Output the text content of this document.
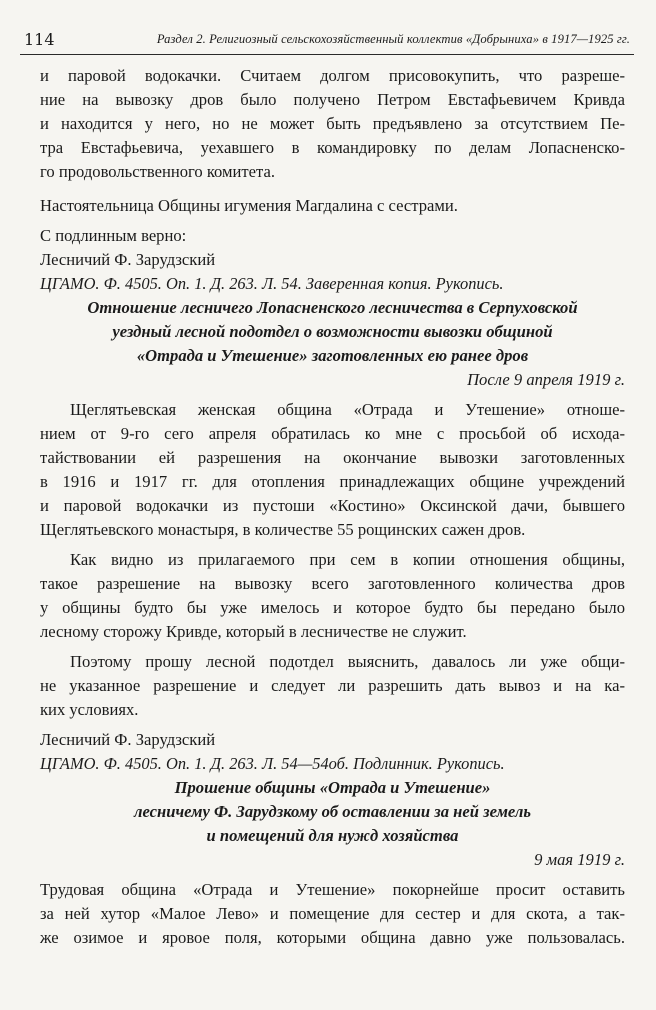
114	Раздел 2. Религиозный сельскохозяйственный коллектив «Добрыниха» в 1917—1925 гг.

и паровой водокачки. Считаем долгом присовокупить, что разреше-
ние на вывозку дров было получено Петром Евстафьевичем Кривда
и находится у него, но не может быть предъявлено за отсутствием Пе-
тра Евстафьевича, уехавшего в командировку по делам Лопасненско-
го продовольственного комитета.

Настоятельница Общины игумения Магдалина с сестрами.

С подлинным верно:

Лесничий Ф. Зарудзский

ЦГАМО. Ф. 4505. Оп. 1. Д. 263. Л. 54. Заверенная копия. Рукопись.

Отношение лесничего Лопасненского лесничества в Серпуховской
уездный лесной подотдел о возможности вывозки общиной
«Отрада и Утешение» заготовленных ею ранее дров

После 9 апреля 1919 г.

Щеглятьевская женская община «Отрада и Утешение» отноше-
нием от 9-го сего апреля обратилась ко мне с просьбой об исхода-
тайствовании ей разрешения на окончание вывозки заготовленных
в 1916 и 1917 гг. для отопления принадлежащих общине учреждений
и паровой водокачки из пустоши «Костино» Оксинской дачи, бывшего
Щеглятьевского монастыря, в количестве 55 рощинских сажен дров.

Как видно из прилагаемого при сем в копии отношения общины,
такое разрешение на вывозку всего заготовленного количества дров
у общины будто бы уже имелось и которое будто бы передано было
лесному сторожу Кривде, который в лесничестве не служит.

Поэтому прошу лесной подотдел выяснить, давалось ли уже общи-
не указанное разрешение и следует ли разрешить дать вывоз и на ка-
ких условиях.

Лесничий Ф. Зарудзский

ЦГАМО. Ф. 4505. Оп. 1. Д. 263. Л. 54—54об. Подлинник. Рукопись.

Прошение общины «Отрада и Утешение»
лесничему Ф. Зарудзкому об оставлении за ней земель
и помещений для нужд хозяйства

9 мая 1919 г.

Трудовая община «Отрада и Утешение» покорнейше просит оставить
за ней хутор «Малое Лево» и помещение для сестер и для скота, а так-
же озимое и яровое поля, которыми община давно уже пользовалась.
